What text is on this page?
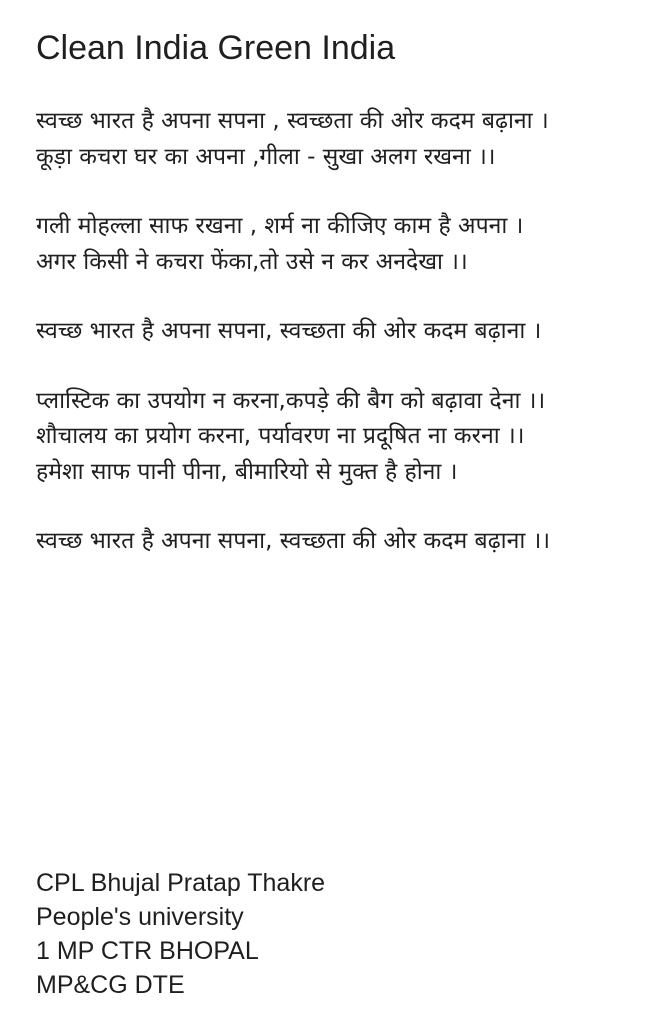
Clean India Green India
स्वच्छ भारत है अपना सपना , स्वच्छता की ओर कदम बढ़ाना ।
कूड़ा कचरा घर का अपना ,गीला - सुखा अलग रखना ।।
गली मोहल्ला साफ रखना , शर्म ना कीजिए काम है अपना ।
अगर किसी ने कचरा फेंका,तो उसे न कर अनदेखा ।।
स्वच्छ भारत है अपना सपना, स्वच्छता की ओर कदम बढ़ाना ।
प्लास्टिक का उपयोग न करना,कपड़े की बैग को बढ़ावा देना ।।
शौचालय का प्रयोग करना, पर्यावरण ना प्रदूषित ना करना ।।
हमेशा साफ पानी पीना, बीमारियो से मुक्त है होना ।
स्वच्छ भारत है अपना सपना, स्वच्छता की ओर कदम बढ़ाना ।।
CPL Bhujal Pratap Thakre
People's university
1 MP CTR BHOPAL
MP&CG DTE
